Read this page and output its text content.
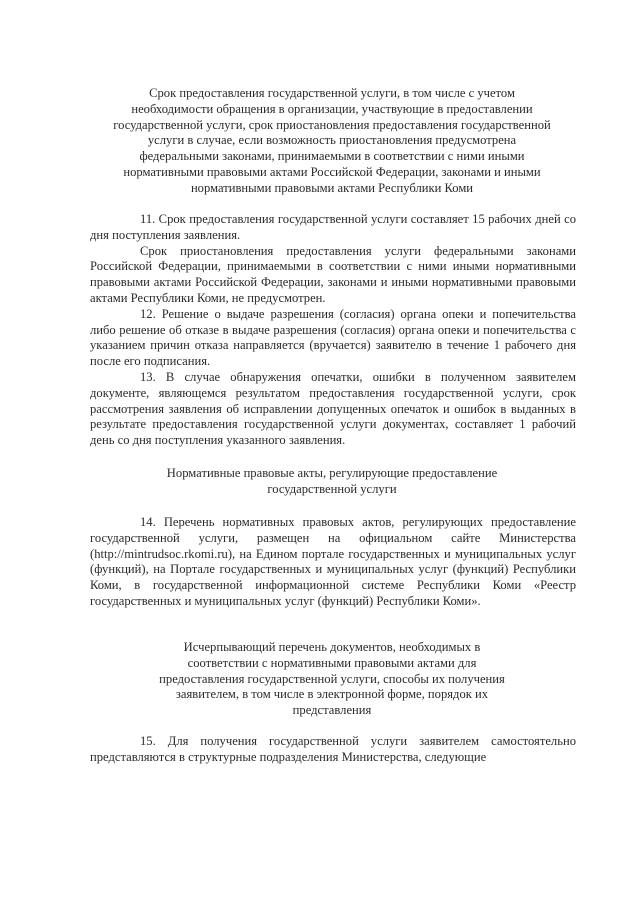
Срок предоставления государственной услуги, в том числе с учетом необходимости обращения в организации, участвующие в предоставлении государственной услуги, срок приостановления предоставления государственной услуги в случае, если возможность приостановления предусмотрена федеральными законами, принимаемыми в соответствии с ними иными нормативными правовыми актами Российской Федерации, законами и иными нормативными правовыми актами Республики Коми

11. Срок предоставления государственной услуги составляет 15 рабочих дней со дня поступления заявления.

Срок приостановления предоставления услуги федеральными законами Российской Федерации, принимаемыми в соответствии с ними иными нормативными правовыми актами Российской Федерации, законами и иными нормативными правовыми актами Республики Коми, не предусмотрен.

12. Решение о выдаче разрешения (согласия) органа опеки и попечительства либо решение об отказе в выдаче разрешения (согласия) органа опеки и попечительства с указанием причин отказа направляется (вручается) заявителю в течение 1 рабочего дня после его подписания.

13. В случае обнаружения опечатки, ошибки в полученном заявителем документе, являющемся результатом предоставления государственной услуги, срок рассмотрения заявления об исправлении допущенных опечаток и ошибок в выданных в результате предоставления государственной услуги документах, составляет 1 рабочий день со дня поступления указанного заявления.

Нормативные правовые акты, регулирующие предоставление государственной услуги

14. Перечень нормативных правовых актов, регулирующих предоставление государственной услуги, размещен на официальном сайте Министерства (http://mintrudsoc.rkomi.ru), на Едином портале государственных и муниципальных услуг (функций), на Портале государственных и муниципальных услуг (функций) Республики Коми, в государственной информационной системе Республики Коми «Реестр государственных и муниципальных услуг (функций) Республики Коми».

Исчерпывающий перечень документов, необходимых в соответствии с нормативными правовыми актами для предоставления государственной услуги, способы их получения заявителем, в том числе в электронной форме, порядок их представления

15. Для получения государственной услуги заявителем самостоятельно представляются в структурные подразделения Министерства, следующие
